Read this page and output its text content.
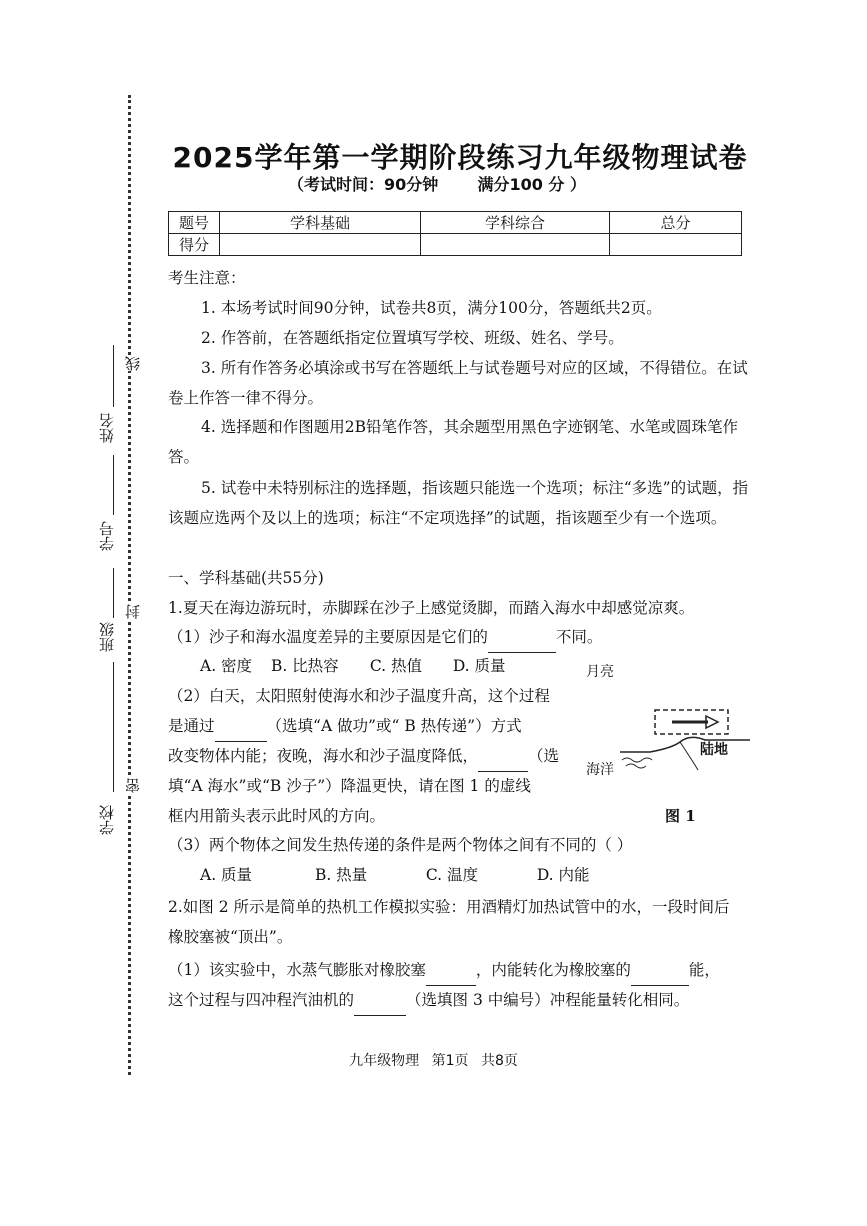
学校
班级
学号
姓名
密
封
线
2025学年第一学期阶段练习九年级物理试卷
（考试时间：90分钟 满分100 分 ）
题号	学科基础	学科综合	总分
得分			
考生注意：
1. 本场考试时间90分钟，试卷共8页，满分100分，答题纸共2页。
2. 作答前，在答题纸指定位置填写学校、班级、姓名、学号。
3. 所有作答务必填涂或书写在答题纸上与试卷题号对应的区域，不得错位。在试卷上作答一律不得分。
4. 选择题和作图题用2B铅笔作答，其余题型用黑色字迹钢笔、水笔或圆珠笔作答。
5. 试卷中未特别标注的选择题，指该题只能选一个选项；标注“多选”的试题，指该题应选两个及以上的选项；标注“不定项选择”的试题，指该题至少有一个选项。
一、学科基础(共55分)
1.夏天在海边游玩时，赤脚踩在沙子上感觉烫脚，而踏入海水中却感觉凉爽。
（1）沙子和海水温度差异的主要原因是它们的	不同。
A. 密度 B. 比热容 C. 热值 D. 质量
（2）白天，太阳照射使海水和沙子温度升高，这个过程
是通过	（选填“A 做功”或“ B 热传递”）方式
改变物体内能；夜晚，海水和沙子温度降低，	（选
填“A 海水”或“B 沙子”）降温更快，请在图 1 的虚线
框内用箭头表示此时风的方向。
月亮
陆地
海洋
图 1
（3）两个物体之间发生热传递的条件是两个物体之间有不同的（ ）
A. 质量	B. 热量	C. 温度	D. 内能
2.如图 2 所示是简单的热机工作模拟实验：用酒精灯加热试管中的水，一段时间后
橡胶塞被“顶出”。
（1）该实验中，水蒸气膨胀对橡胶塞	，内能转化为橡胶塞的	能，
这个过程与四冲程汽油机的	（选填图 3 中编号）冲程能量转化相同。
九年级物理 第1页 共8页
